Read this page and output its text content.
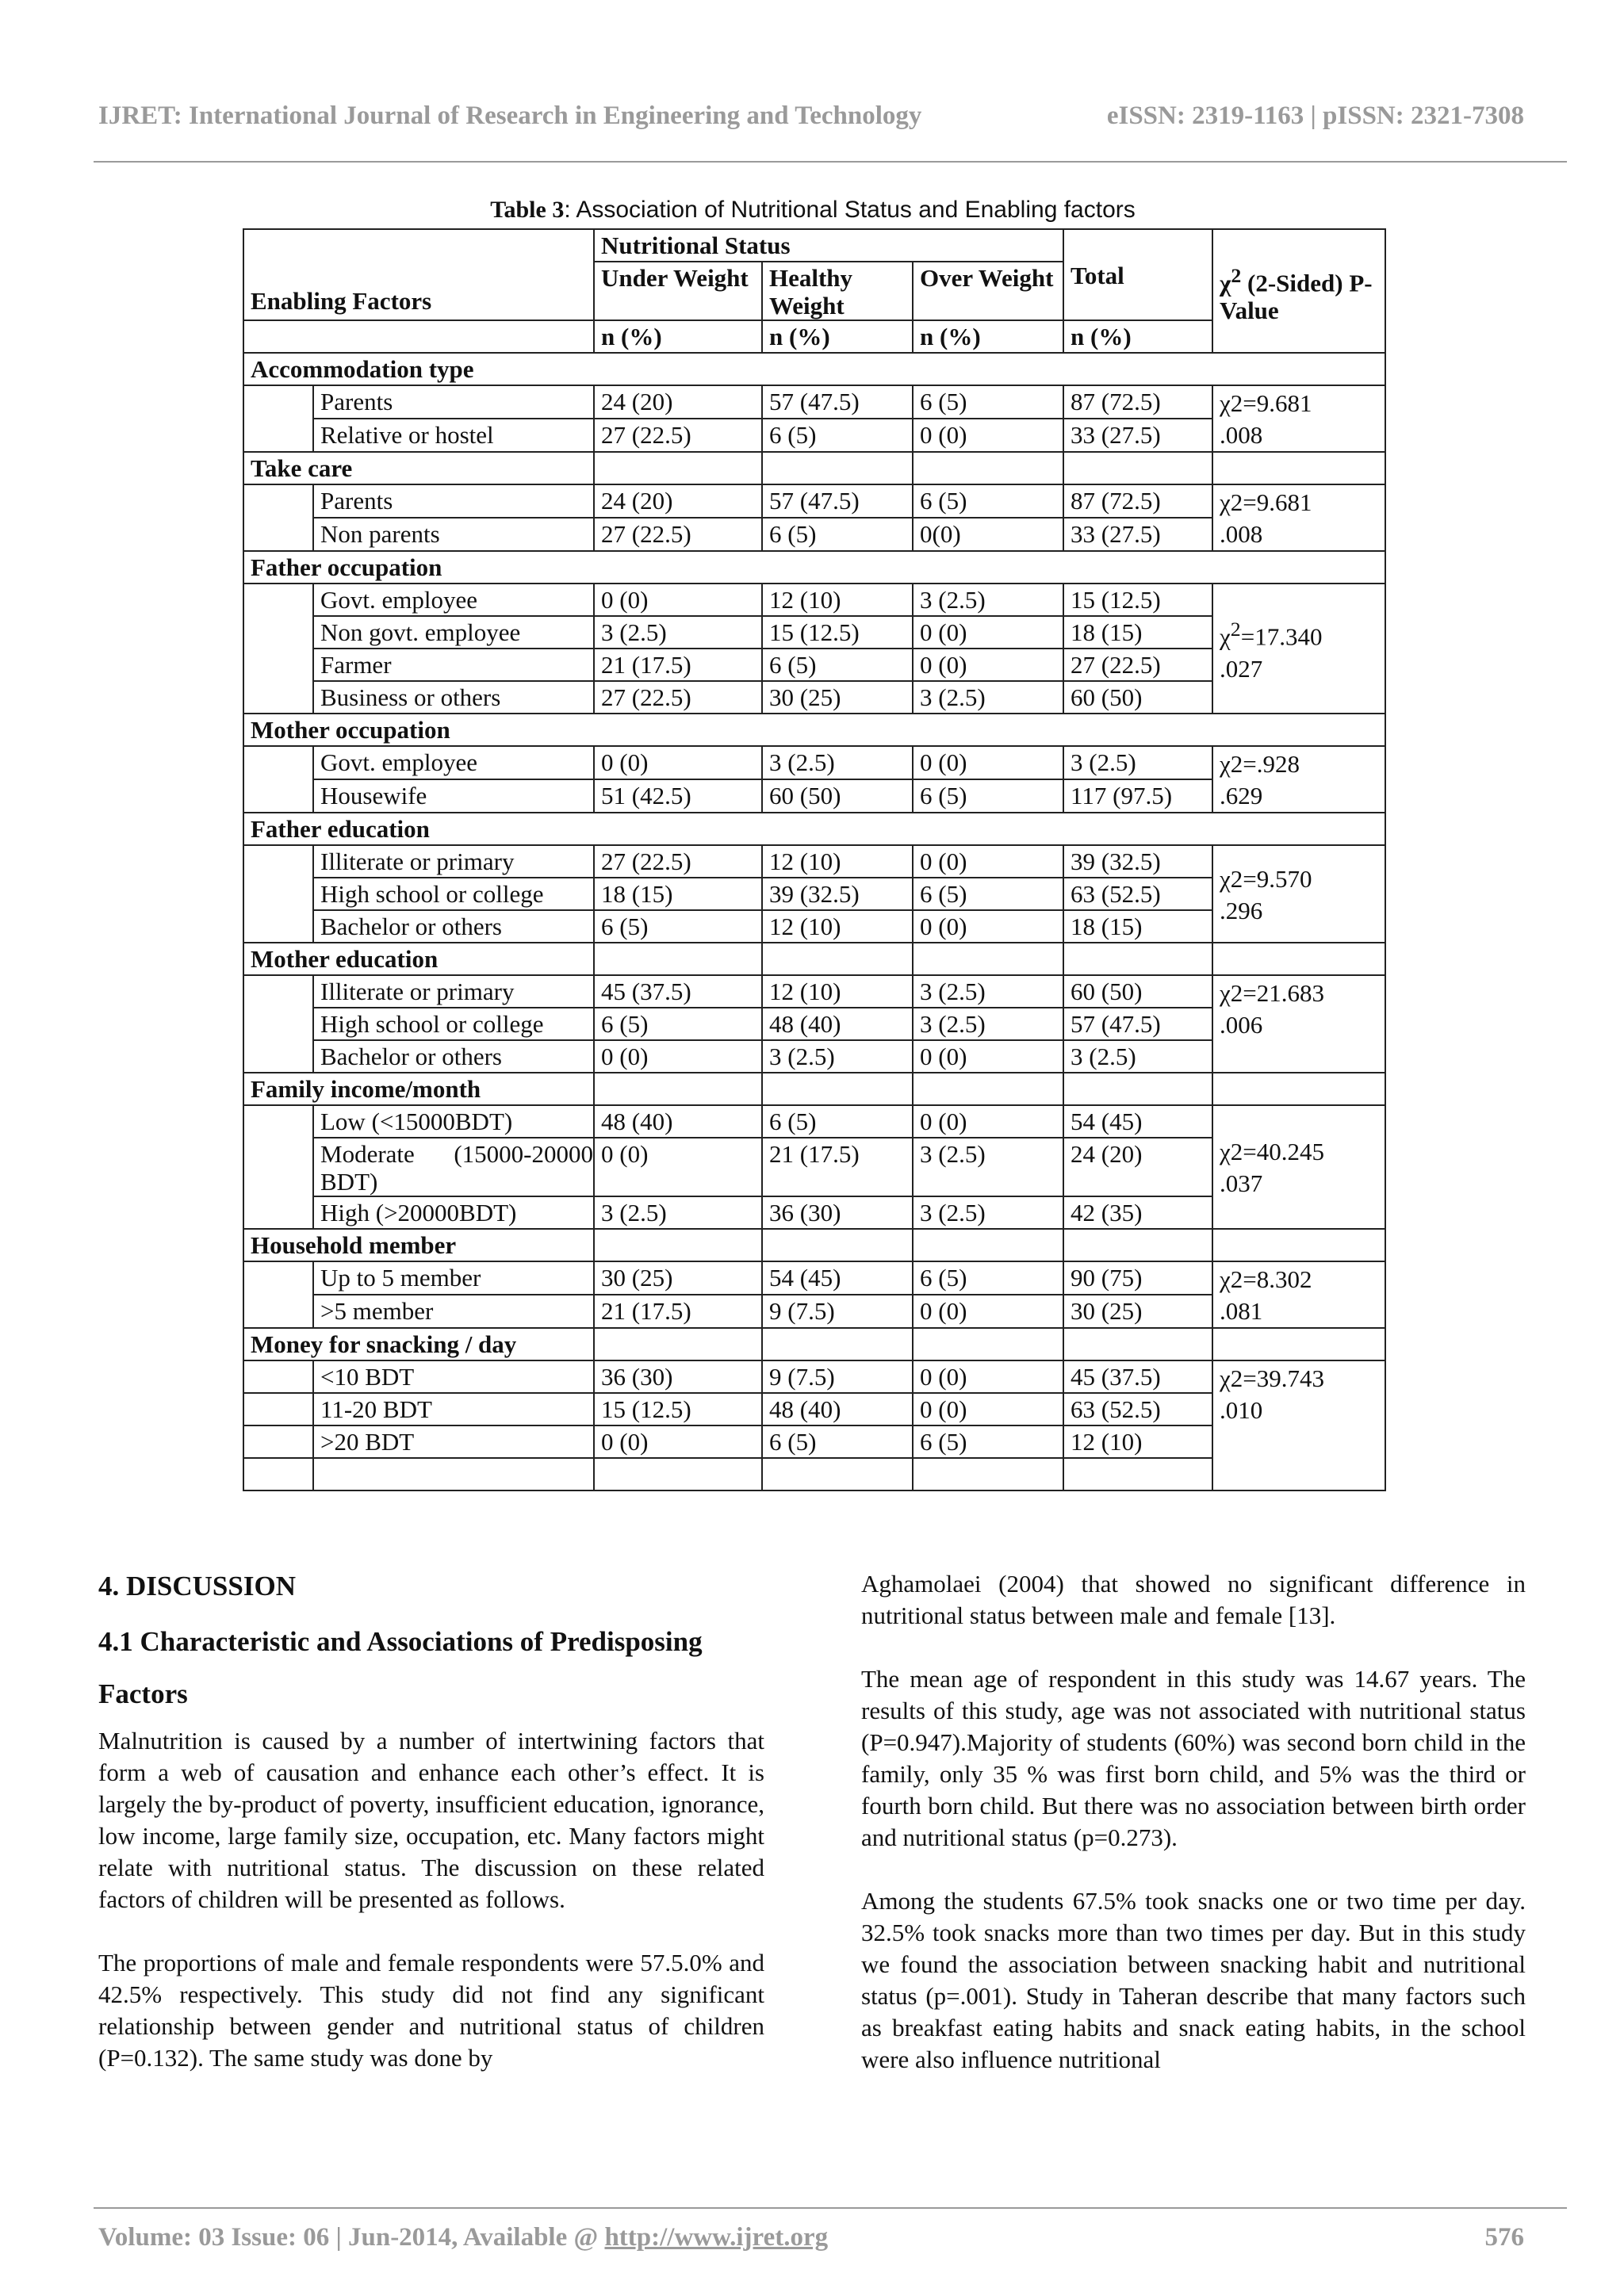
IJRET: International Journal of Research in Engineering and Technology	eISSN: 2319-1163 | pISSN: 2321-7308
Table 3: Association of Nutritional Status and Enabling factors
Enabling Factors		Nutritional Status			Total	$\chi^2$ (2-Sided) P-Value
		Under Weight	Healthy Weight	Over Weight		
		n (%)	n (%)	n (%)	n (%)	
Accommodation type						
	Parents	24 (20)	57 (47.5)	6 (5)	87 (72.5)	χ2=9.681
.008
	Relative or hostel	27 (22.5)	6 (5)	0 (0)	33 (27.5)	
Take care						
	Parents	24 (20)	57 (47.5)	6 (5)	87 (72.5)	χ2=9.681
.008
	Non parents	27 (22.5)	6 (5)	0(0)	33 (27.5)	
Father occupation						
	Govt. employee	0 (0)	12 (10)	3 (2.5)	15 (12.5)	$\chi^2=17.340$
.027
	Non govt. employee	3 (2.5)	15 (12.5)	0 (0)	18 (15)	
	Farmer	21 (17.5)	6 (5)	0 (0)	27 (22.5)	
	Business or others	27 (22.5)	30 (25)	3 (2.5)	60 (50)	
Mother occupation						
	Govt. employee	0 (0)	3 (2.5)	0 (0)	3 (2.5)	χ2=.928
.629
	Housewife	51 (42.5)	60 (50)	6 (5)	117 (97.5)	
Father education						
	Illiterate or primary	27 (22.5)	12 (10)	0 (0)	39 (32.5)	χ2=9.570
.296
	High school or college	18 (15)	39 (32.5)	6 (5)	63 (52.5)	
	Bachelor or others	6 (5)	12 (10)	0 (0)	18 (15)	
Mother education						
	Illiterate or primary	45 (37.5)	12 (10)	3 (2.5)	60 (50)	χ2=21.683
.006
	High school or college	6 (5)	48 (40)	3 (2.5)	57 (47.5)	
	Bachelor or others	0 (0)	3 (2.5)	0 (0)	3 (2.5)	
Family income/month						
	Low (<15000BDT)	48 (40)	6 (5)	0 (0)	54 (45)	χ2=40.245
.037
	Moderate (15000-20000 BDT)	0 (0)	21 (17.5)	3 (2.5)	24 (20)	
	High (>20000BDT)	3 (2.5)	36 (30)	3 (2.5)	42 (35)	
Household member						
	Up to 5 member	30 (25)	54 (45)	6 (5)	90 (75)	χ2=8.302
.081
	>5 member	21 (17.5)	9 (7.5)	0 (0)	30 (25)	
Money for snacking / day						
	<10 BDT	36 (30)	9 (7.5)	0 (0)	45 (37.5)	χ2=39.743
.010
	11-20 BDT	15 (12.5)	48 (40)	0 (0)	63 (52.5)	
	>20 BDT	0 (0)	6 (5)	6 (5)	12 (10)	

4. DISCUSSION
4.1 Characteristic and Associations of Predisposing Factors

Malnutrition is caused by a number of intertwining factors that form a web of causation and enhance each other’s effect. It is largely the by-product of poverty, insufficient education, ignorance, low income, large family size, occupation, etc. Many factors might relate with nutritional status. The discussion on these related factors of children will be presented as follows.

The proportions of male and female respondents were 57.5.0% and 42.5% respectively. This study did not find any significant relationship between gender and nutritional status of children (P=0.132). The same study was done by

Aghamolaei (2004) that showed no significant difference in nutritional status between male and female [13].

The mean age of respondent in this study was 14.67 years. The results of this study, age was not associated with nutritional status (P=0.947).Majority of students (60%) was second born child in the family, only 35 % was first born child, and 5% was the third or fourth born child. But there was no association between birth order and nutritional status (p=0.273).

Among the students 67.5% took snacks one or two time per day. 32.5% took snacks more than two times per day. But in this study we found the association between snacking habit and nutritional status (p=.001). Study in Taheran describe that many factors such as breakfast eating habits and snack eating habits, in the school were also influence nutritional

Volume: 03 Issue: 06 | Jun-2014, Available @ http://www.ijret.org	576
